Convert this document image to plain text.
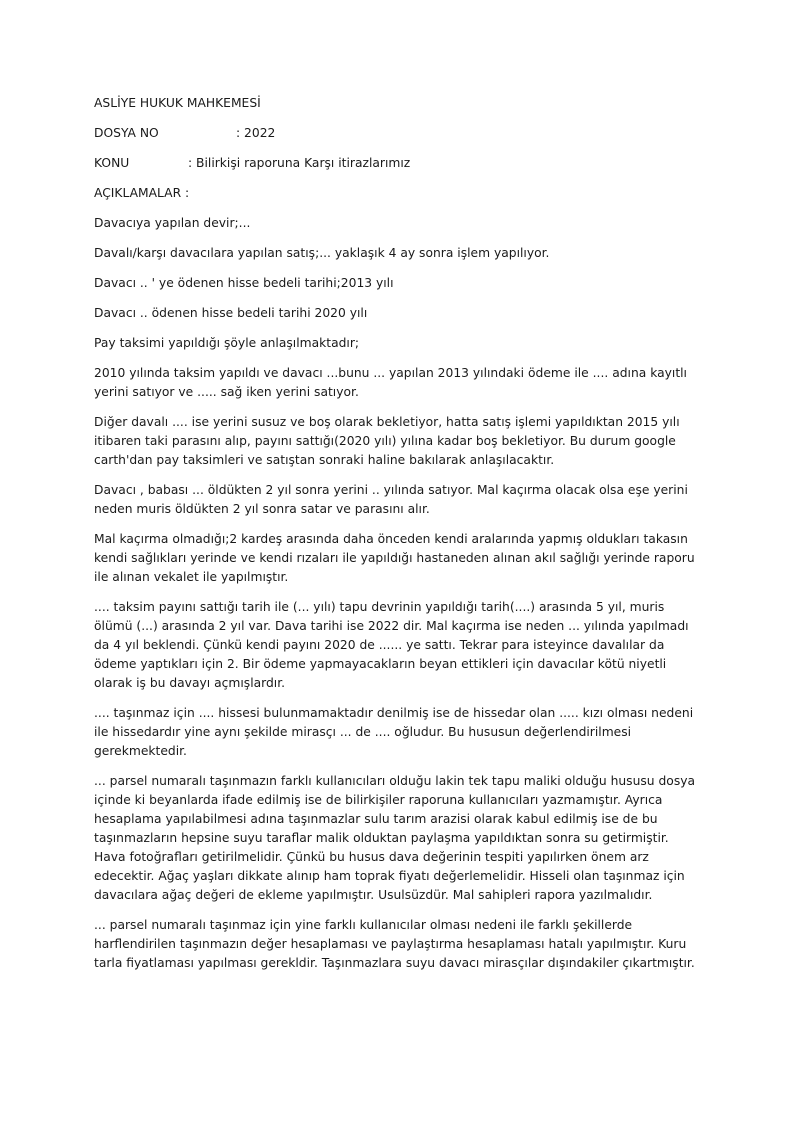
ASLİYE HUKUK MAHKEMESİ

DOSYA NO	: 2022

KONU	: Bilirkişi raporuna Karşı itirazlarımız

AÇIKLAMALAR :

Davacıya yapılan devir;...

Davalı/karşı davacılara yapılan satış;... yaklaşık 4 ay sonra işlem yapılıyor.

Davacı .. ' ye ödenen hisse bedeli tarihi;2013 yılı

Davacı .. ödenen hisse bedeli tarihi 2020 yılı

Pay taksimi yapıldığı şöyle anlaşılmaktadır;

2010 yılında taksim yapıldı ve davacı ...bunu ... yapılan 2013 yılındaki ödeme ile .... adına kayıtlı yerini satıyor ve ..... sağ iken yerini satıyor.

Diğer davalı .... ise yerini susuz ve boş olarak bekletiyor, hatta satış işlemi yapıldıktan 2015 yılı itibaren taki parasını alıp, payını sattığı(2020 yılı) yılına kadar boş bekletiyor. Bu durum google carth'dan pay taksimleri ve satıştan sonraki haline bakılarak anlaşılacaktır.

Davacı , babası ... öldükten 2 yıl sonra yerini .. yılında satıyor. Mal kaçırma olacak olsa eşe yerini neden muris öldükten 2 yıl sonra satar ve parasını alır.

Mal kaçırma olmadığı;2 kardeş arasında daha önceden kendi aralarında yapmış oldukları takasın kendi sağlıkları yerinde ve kendi rızaları ile yapıldığı hastaneden alınan akıl sağlığı yerinde raporu ile alınan vekalet ile yapılmıştır.

.... taksim payını sattığı tarih ile (... yılı) tapu devrinin yapıldığı tarih(....) arasında 5 yıl, muris ölümü (...) arasında 2 yıl var. Dava tarihi ise 2022 dir. Mal kaçırma ise neden ... yılında yapılmadı da 4 yıl beklendi. Çünkü kendi payını 2020 de ...... ye sattı. Tekrar para isteyince davalılar da ödeme yaptıkları için 2. Bir ödeme yapmayacakların beyan ettikleri için davacılar kötü niyetli olarak iş bu davayı açmışlardır.

.... taşınmaz için .... hissesi bulunmamaktadır denilmiş ise de hissedar olan ..... kızı olması nedeni ile hissedardır yine aynı şekilde mirasçı ... de .... oğludur. Bu hususun değerlendirilmesi gerekmektedir.

... parsel numaralı taşınmazın farklı kullanıcıları olduğu lakin tek tapu maliki olduğu hususu dosya içinde ki beyanlarda ifade edilmiş ise de bilirkişiler raporuna kullanıcıları yazmamıştır. Ayrıca hesaplama yapılabilmesi adına taşınmazlar sulu tarım arazisi olarak kabul edilmiş ise de bu taşınmazların hepsine suyu taraflar malik olduktan paylaşma yapıldıktan sonra su getirmiştir. Hava fotoğrafları getirilmelidir. Çünkü bu husus dava değerinin tespiti yapılırken önem arz edecektir. Ağaç yaşları dikkate alınıp ham toprak fiyatı değerlemelidir. Hisseli olan taşınmaz için davacılara ağaç değeri de ekleme yapılmıştır. Usulsüzdür. Mal sahipleri rapora yazılmalıdır.

... parsel numaralı taşınmaz için yine farklı kullanıcılar olması nedeni ile farklı şekillerde harflendirilen taşınmazın değer hesaplaması ve paylaştırma hesaplaması hatalı yapılmıştır. Kuru tarla fiyatlaması yapılması gerekldir. Taşınmazlara suyu davacı mirasçılar dışındakiler çıkartmıştır.
